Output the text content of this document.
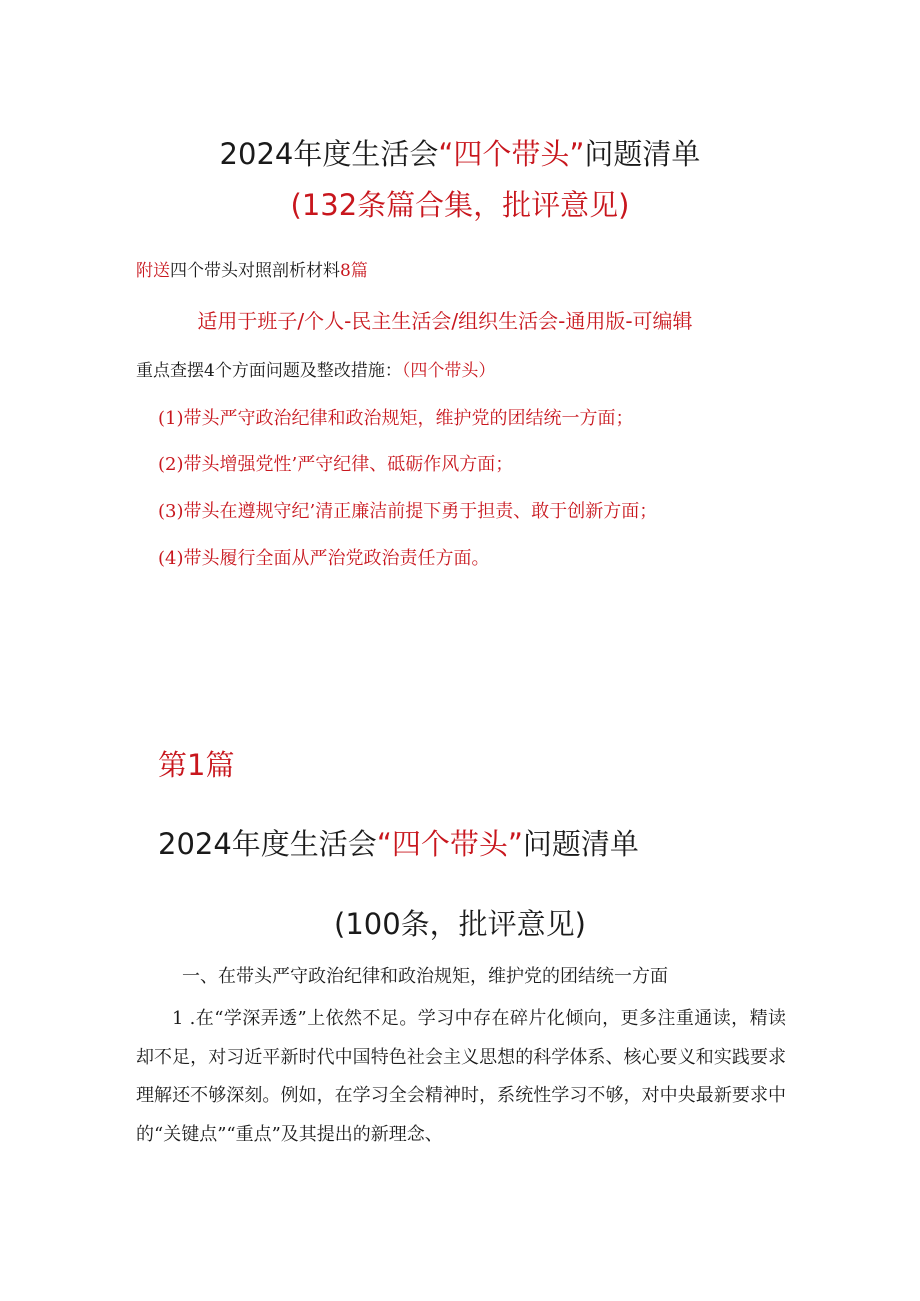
2024年度生活会“四个带头”问题清单
(132条篇合集，批评意见)
附送四个带头对照剖析材料8篇
适用于班子/个人-民主生活会/组织生活会-通用版-可编辑
重点查摆4个方面问题及整改措施：（四个带头）
(1)带头严守政治纪律和政治规矩，维护党的团结统一方面；
(2)带头增强党性’严守纪律、砥砺作风方面；
(3)带头在遵规守纪’清正廉洁前提下勇于担责、敢于创新方面；
(4)带头履行全面从严治党政治责任方面。
第1篇
2024年度生活会“四个带头”问题清单
(100条，批评意见)
一、在带头严守政治纪律和政治规矩，维护党的团结统一方面
1 .在“学深弄透”上依然不足。学习中存在碎片化倾向，更多注重通读，精读却不足，对习近平新时代中国特色社会主义思想的科学体系、核心要义和实践要求理解还不够深刻。例如，在学习全会精神时，系统性学习不够，对中央最新要求中的“关键点”“重点”及其提出的新理念、
